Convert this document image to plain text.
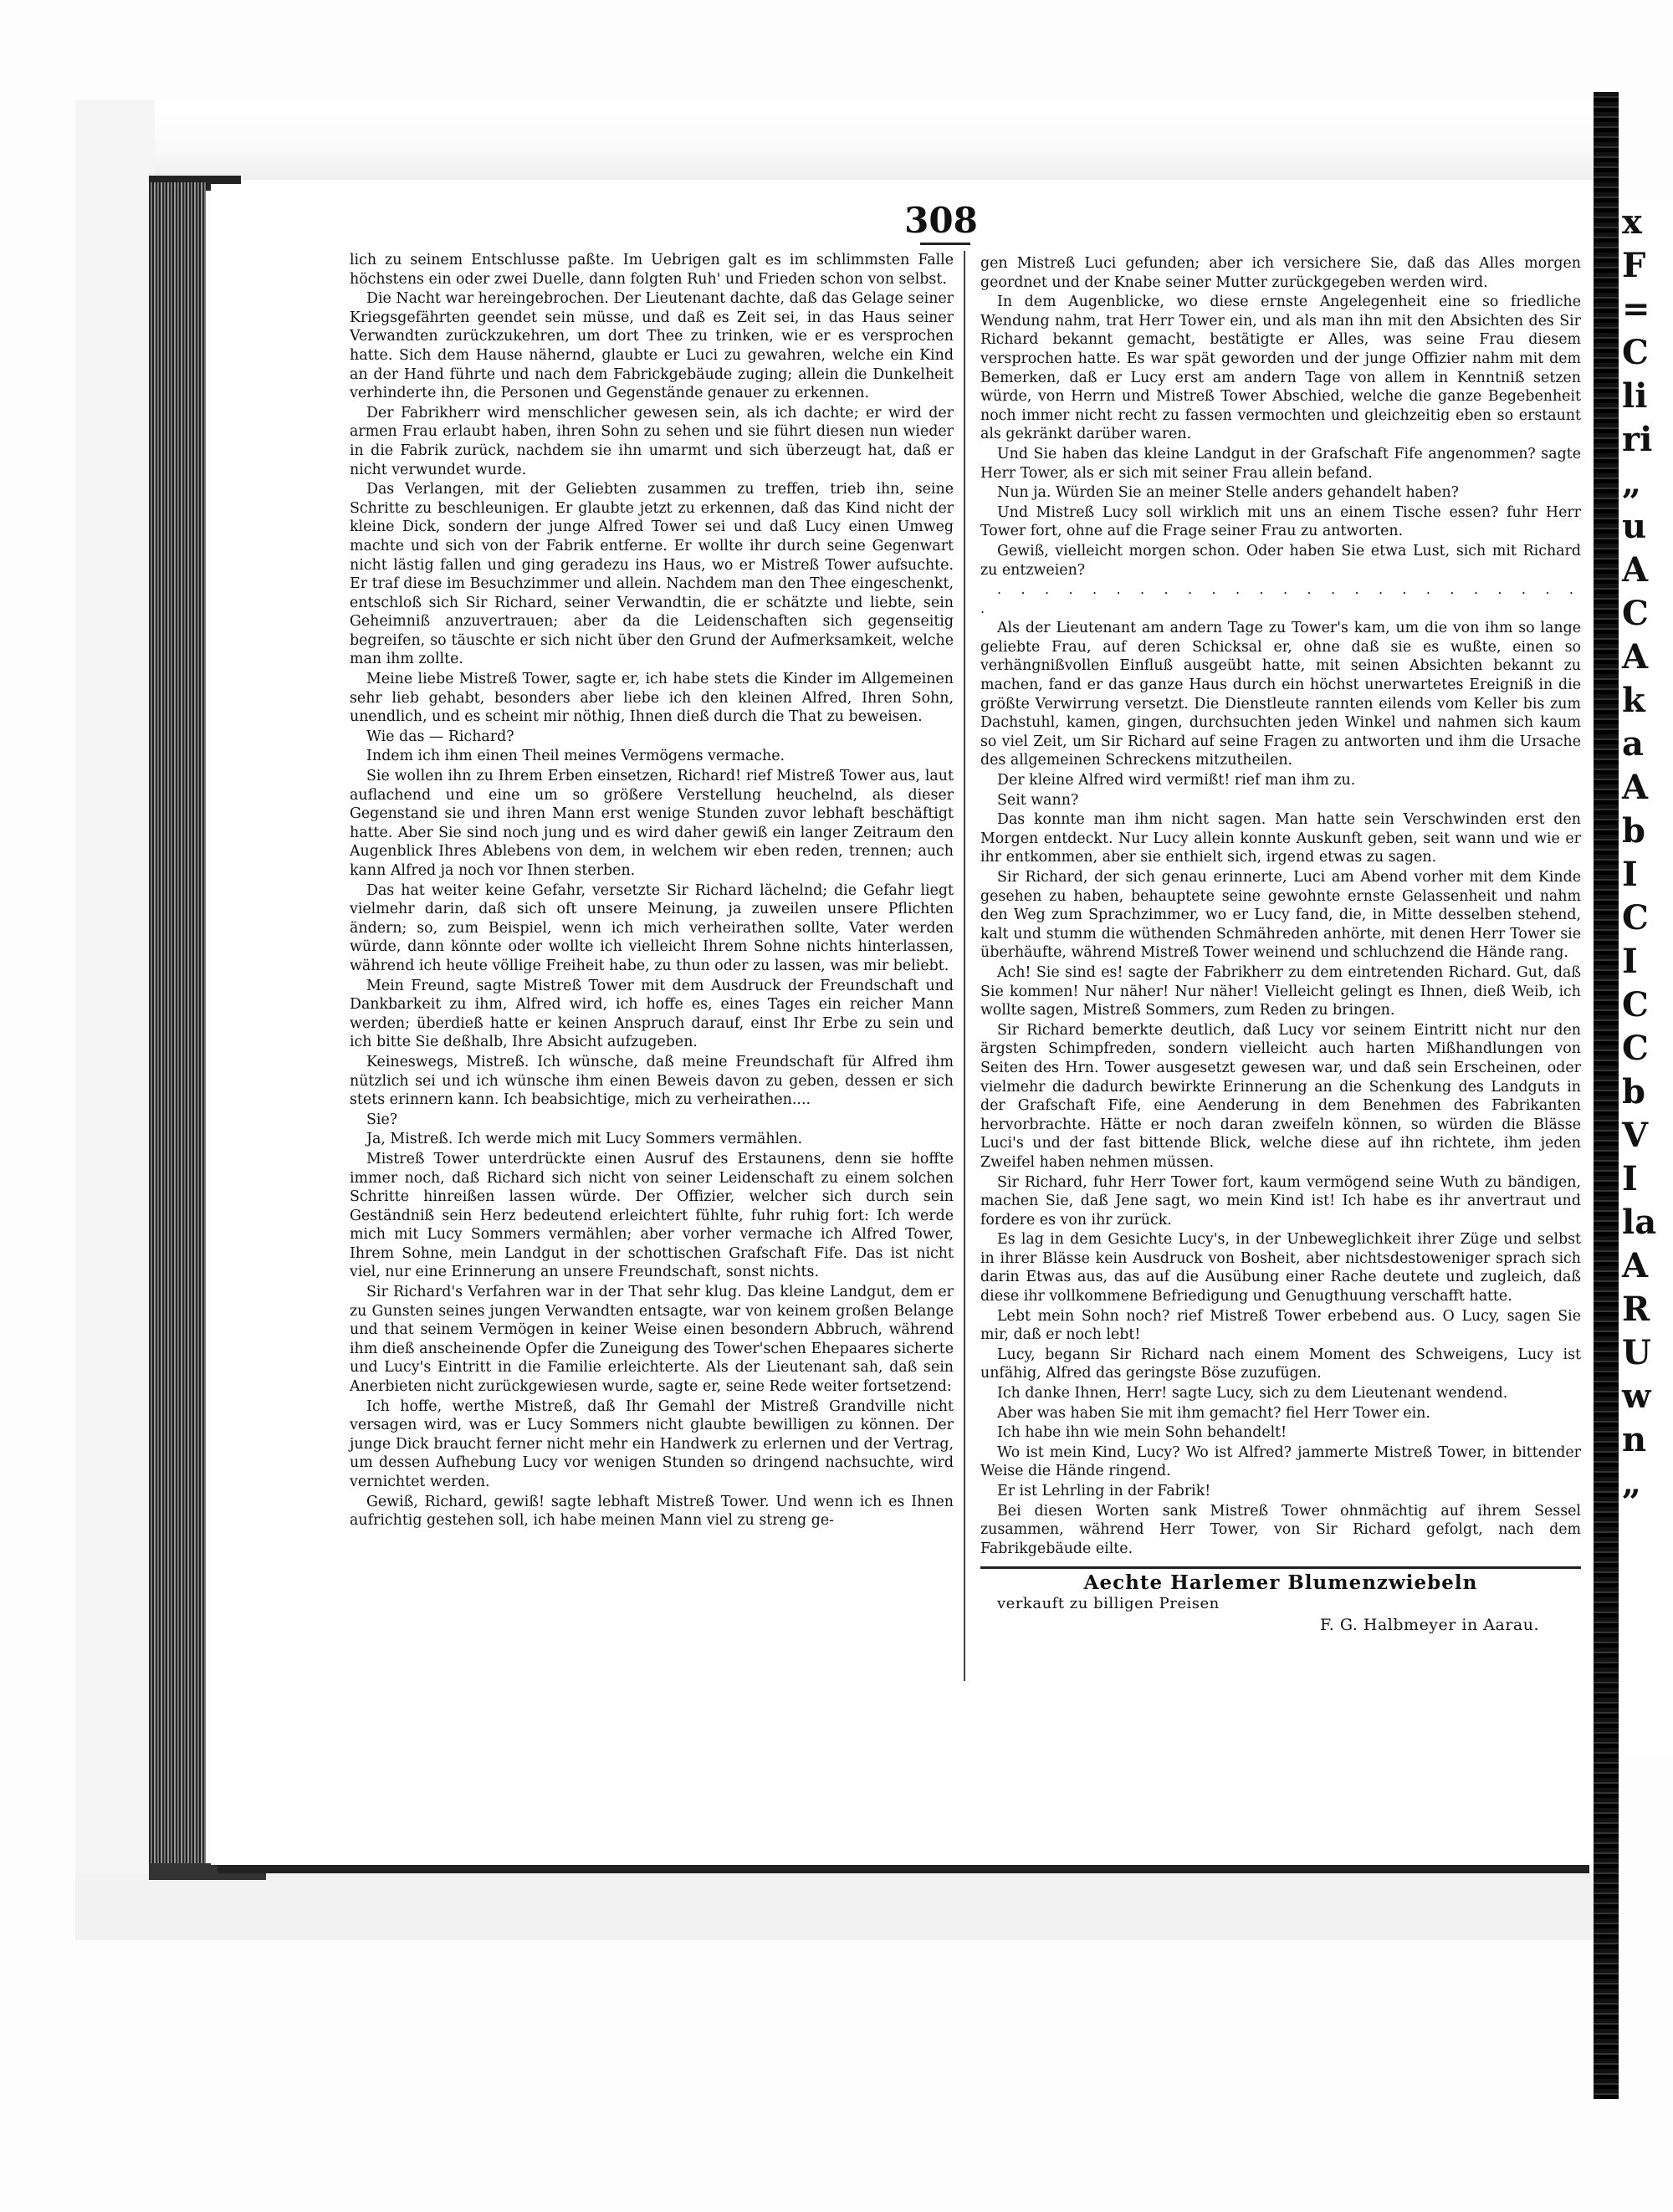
x
F
=
C
li
ri
„
u
A
C
A
k
a
A
b
I
C
I
C
C
b
V
I
la
A
R
U
w
n
„
308

lich zu seinem Entschlusse paßte. Im Uebrigen galt es im schlimmsten Falle höchstens ein oder zwei Duelle, dann folgten Ruh' und Frieden schon von selbst.

Die Nacht war hereingebrochen. Der Lieutenant dachte, daß das Gelage seiner Kriegsgefährten geendet sein müsse, und daß es Zeit sei, in das Haus seiner Verwandten zurückzukehren, um dort Thee zu trinken, wie er es versprochen hatte. Sich dem Hause nähernd, glaubte er Luci zu gewahren, welche ein Kind an der Hand führte und nach dem Fabrickgebäude zuging; allein die Dunkelheit verhinderte ihn, die Personen und Gegenstände genauer zu erkennen.

Der Fabrikherr wird menschlicher gewesen sein, als ich dachte; er wird der armen Frau erlaubt haben, ihren Sohn zu sehen und sie führt diesen nun wieder in die Fabrik zurück, nachdem sie ihn umarmt und sich überzeugt hat, daß er nicht verwundet wurde.

Das Verlangen, mit der Geliebten zusammen zu treffen, trieb ihn, seine Schritte zu beschleunigen. Er glaubte jetzt zu erkennen, daß das Kind nicht der kleine Dick, sondern der junge Alfred Tower sei und daß Lucy einen Umweg machte und sich von der Fabrik entferne. Er wollte ihr durch seine Gegenwart nicht lästig fallen und ging geradezu ins Haus, wo er Mistreß Tower aufsuchte. Er traf diese im Besuchzimmer und allein. Nachdem man den Thee eingeschenkt, entschloß sich Sir Richard, seiner Verwandtin, die er schätzte und liebte, sein Geheimniß anzuvertrauen; aber da die Leidenschaften sich gegenseitig begreifen, so täuschte er sich nicht über den Grund der Aufmerksamkeit, welche man ihm zollte.

Meine liebe Mistreß Tower, sagte er, ich habe stets die Kinder im Allgemeinen sehr lieb gehabt, besonders aber liebe ich den kleinen Alfred, Ihren Sohn, unendlich, und es scheint mir nöthig, Ihnen dieß durch die That zu beweisen.

Wie das — Richard?

Indem ich ihm einen Theil meines Vermögens vermache.

Sie wollen ihn zu Ihrem Erben einsetzen, Richard! rief Mistreß Tower aus, laut auflachend und eine um so größere Verstellung heuchelnd, als dieser Gegenstand sie und ihren Mann erst wenige Stunden zuvor lebhaft beschäftigt hatte. Aber Sie sind noch jung und es wird daher gewiß ein langer Zeitraum den Augenblick Ihres Ablebens von dem, in welchem wir eben reden, trennen; auch kann Alfred ja noch vor Ihnen sterben.

Das hat weiter keine Gefahr, versetzte Sir Richard lächelnd; die Gefahr liegt vielmehr darin, daß sich oft unsere Meinung, ja zuweilen unsere Pflichten ändern; so, zum Beispiel, wenn ich mich verheirathen sollte, Vater werden würde, dann könnte oder wollte ich vielleicht Ihrem Sohne nichts hinterlassen, während ich heute völlige Freiheit habe, zu thun oder zu lassen, was mir beliebt.

Mein Freund, sagte Mistreß Tower mit dem Ausdruck der Freundschaft und Dankbarkeit zu ihm, Alfred wird, ich hoffe es, eines Tages ein reicher Mann werden; überdieß hatte er keinen Anspruch darauf, einst Ihr Erbe zu sein und ich bitte Sie deßhalb, Ihre Absicht aufzugeben.

Keineswegs, Mistreß. Ich wünsche, daß meine Freundschaft für Alfred ihm nützlich sei und ich wünsche ihm einen Beweis davon zu geben, dessen er sich stets erinnern kann. Ich beabsichtige, mich zu verheirathen....

Sie?

Ja, Mistreß. Ich werde mich mit Lucy Sommers vermählen.

Mistreß Tower unterdrückte einen Ausruf des Erstaunens, denn sie hoffte immer noch, daß Richard sich nicht von seiner Leidenschaft zu einem solchen Schritte hinreißen lassen würde. Der Offizier, welcher sich durch sein Geständniß sein Herz bedeutend erleichtert fühlte, fuhr ruhig fort: Ich werde mich mit Lucy Sommers vermählen; aber vorher vermache ich Alfred Tower, Ihrem Sohne, mein Landgut in der schottischen Grafschaft Fife. Das ist nicht viel, nur eine Erinnerung an unsere Freundschaft, sonst nichts.

Sir Richard's Verfahren war in der That sehr klug. Das kleine Landgut, dem er zu Gunsten seines jungen Verwandten entsagte, war von keinem großen Belange und that seinem Vermögen in keiner Weise einen besondern Abbruch, während ihm dieß anscheinende Opfer die Zuneigung des Tower'schen Ehepaares sicherte und Lucy's Eintritt in die Familie erleichterte. Als der Lieutenant sah, daß sein Anerbieten nicht zurückgewiesen wurde, sagte er, seine Rede weiter fortsetzend:

Ich hoffe, werthe Mistreß, daß Ihr Gemahl der Mistreß Grandville nicht versagen wird, was er Lucy Sommers nicht glaubte bewilligen zu können. Der junge Dick braucht ferner nicht mehr ein Handwerk zu erlernen und der Vertrag, um dessen Aufhebung Lucy vor wenigen Stunden so dringend nachsuchte, wird vernichtet werden.

Gewiß, Richard, gewiß! sagte lebhaft Mistreß Tower. Und wenn ich es Ihnen aufrichtig gestehen soll, ich habe meinen Mann viel zu streng ge-

gen Mistreß Luci gefunden; aber ich versichere Sie, daß das Alles morgen geordnet und der Knabe seiner Mutter zurückgegeben werden wird.

In dem Augenblicke, wo diese ernste Angelegenheit eine so friedliche Wendung nahm, trat Herr Tower ein, und als man ihn mit den Absichten des Sir Richard bekannt gemacht, bestätigte er Alles, was seine Frau diesem versprochen hatte. Es war spät geworden und der junge Offizier nahm mit dem Bemerken, daß er Lucy erst am andern Tage von allem in Kenntniß setzen würde, von Herrn und Mistreß Tower Abschied, welche die ganze Begebenheit noch immer nicht recht zu fassen vermochten und gleichzeitig eben so erstaunt als gekränkt darüber waren.

Und Sie haben das kleine Landgut in der Grafschaft Fife angenommen? sagte Herr Tower, als er sich mit seiner Frau allein befand.

Nun ja. Würden Sie an meiner Stelle anders gehandelt haben?

Und Mistreß Lucy soll wirklich mit uns an einem Tische essen? fuhr Herr Tower fort, ohne auf die Frage seiner Frau zu antworten.

Gewiß, vielleicht morgen schon. Oder haben Sie etwa Lust, sich mit Richard zu entzweien?

. . . . . . . . . . . . . . . . . . . . . . . . . .

Als der Lieutenant am andern Tage zu Tower's kam, um die von ihm so lange geliebte Frau, auf deren Schicksal er, ohne daß sie es wußte, einen so verhängnißvollen Einfluß ausgeübt hatte, mit seinen Absichten bekannt zu machen, fand er das ganze Haus durch ein höchst unerwartetes Ereigniß in die größte Verwirrung versetzt. Die Dienstleute rannten eilends vom Keller bis zum Dachstuhl, kamen, gingen, durchsuchten jeden Winkel und nahmen sich kaum so viel Zeit, um Sir Richard auf seine Fragen zu antworten und ihm die Ursache des allgemeinen Schreckens mitzutheilen.

Der kleine Alfred wird vermißt! rief man ihm zu.

Seit wann?

Das konnte man ihm nicht sagen. Man hatte sein Verschwinden erst den Morgen entdeckt. Nur Lucy allein konnte Auskunft geben, seit wann und wie er ihr entkommen, aber sie enthielt sich, irgend etwas zu sagen.

Sir Richard, der sich genau erinnerte, Luci am Abend vorher mit dem Kinde gesehen zu haben, behauptete seine gewohnte ernste Gelassenheit und nahm den Weg zum Sprachzimmer, wo er Lucy fand, die, in Mitte desselben stehend, kalt und stumm die wüthenden Schmähreden anhörte, mit denen Herr Tower sie überhäufte, während Mistreß Tower weinend und schluchzend die Hände rang.

Ach! Sie sind es! sagte der Fabrikherr zu dem eintretenden Richard. Gut, daß Sie kommen! Nur näher! Nur näher! Vielleicht gelingt es Ihnen, dieß Weib, ich wollte sagen, Mistreß Sommers, zum Reden zu bringen.

Sir Richard bemerkte deutlich, daß Lucy vor seinem Eintritt nicht nur den ärgsten Schimpfreden, sondern vielleicht auch harten Mißhandlungen von Seiten des Hrn. Tower ausgesetzt gewesen war, und daß sein Erscheinen, oder vielmehr die dadurch bewirkte Erinnerung an die Schenkung des Landguts in der Grafschaft Fife, eine Aenderung in dem Benehmen des Fabrikanten hervorbrachte. Hätte er noch daran zweifeln können, so würden die Blässe Luci's und der fast bittende Blick, welche diese auf ihn richtete, ihm jeden Zweifel haben nehmen müssen.

Sir Richard, fuhr Herr Tower fort, kaum vermögend seine Wuth zu bändigen, machen Sie, daß Jene sagt, wo mein Kind ist! Ich habe es ihr anvertraut und fordere es von ihr zurück.

Es lag in dem Gesichte Lucy's, in der Unbeweglichkeit ihrer Züge und selbst in ihrer Blässe kein Ausdruck von Bosheit, aber nichtsdestoweniger sprach sich darin Etwas aus, das auf die Ausübung einer Rache deutete und zugleich, daß diese ihr vollkommene Befriedigung und Genugthuung verschafft hatte.

Lebt mein Sohn noch? rief Mistreß Tower erbebend aus. O Lucy, sagen Sie mir, daß er noch lebt!

Lucy, begann Sir Richard nach einem Moment des Schweigens, Lucy ist unfähig, Alfred das geringste Böse zuzufügen.

Ich danke Ihnen, Herr! sagte Lucy, sich zu dem Lieutenant wendend.

Aber was haben Sie mit ihm gemacht? fiel Herr Tower ein.

Ich habe ihn wie mein Sohn behandelt!

Wo ist mein Kind, Lucy? Wo ist Alfred? jammerte Mistreß Tower, in bittender Weise die Hände ringend.

Er ist Lehrling in der Fabrik!

Bei diesen Worten sank Mistreß Tower ohnmächtig auf ihrem Sessel zusammen, während Herr Tower, von Sir Richard gefolgt, nach dem Fabrikgebäude eilte.

Aechte Harlemer Blumenzwiebeln
verkauft zu billigen Preisen
F. G. Halbmeyer in Aarau.
